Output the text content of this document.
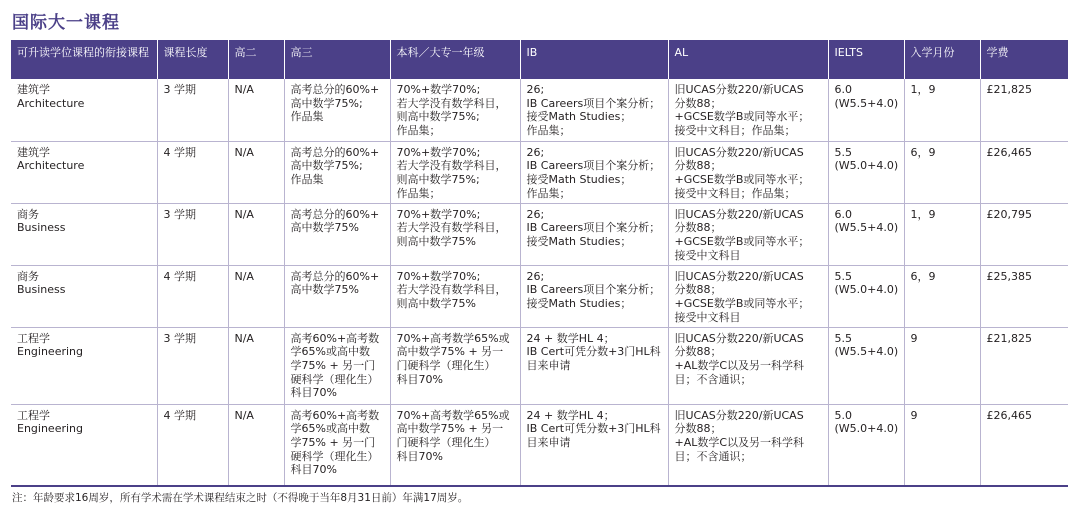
国际大一课程
可升读学位课程的衔接课程	课程长度	高二	高三	本科／大专一年级	IB	AL	IELTS	入学月份	学费
建筑学
Architecture	3 学期	N/A	高考总分的60%+
高中数学75%;
作品集	70%+数学70%;
若大学没有数学科目，
则高中数学75%;
作品集；	26;
IB Careers项目个案分析；
接受Math Studies；
作品集；	旧UCAS分数220/新UCAS
分数88；
+GCSE数学B或同等水平；
接受中文科目；作品集；	6.0
(W5.5+4.0)	1，9	£21,825
建筑学
Architecture	4 学期	N/A	高考总分的60%+
高中数学75%;
作品集	70%+数学70%;
若大学没有数学科目，
则高中数学75%;
作品集；	26;
IB Careers项目个案分析；
接受Math Studies；
作品集；	旧UCAS分数220/新UCAS
分数88；
+GCSE数学B或同等水平；
接受中文科目；作品集；	5.5
(W5.0+4.0)	6，9	£26,465
商务
Business	3 学期	N/A	高考总分的60%+
高中数学75%	70%+数学70%;
若大学没有数学科目，
则高中数学75%	26;
IB Careers项目个案分析；
接受Math Studies；	旧UCAS分数220/新UCAS
分数88；
+GCSE数学B或同等水平；
接受中文科目	6.0
(W5.5+4.0)	1，9	£20,795
商务
Business	4 学期	N/A	高考总分的60%+
高中数学75%	70%+数学70%;
若大学没有数学科目，
则高中数学75%	26;
IB Careers项目个案分析；
接受Math Studies；	旧UCAS分数220/新UCAS
分数88；
+GCSE数学B或同等水平；
接受中文科目	5.5
(W5.0+4.0)	6，9	£25,385
工程学
Engineering	3 学期	N/A	高考60%+高考数
学65%或高中数
学75% + 另一门
硬科学（理化生）
科目70%	70%+高考数学65%或
高中数学75% + 另一
门硬科学（理化生）
科目70%	24 + 数学HL 4；
IB Cert可凭分数+3门HL科
目来申请	旧UCAS分数220/新UCAS
分数88；
+AL数学C以及另一科学科
目；不含通识；	5.5
(W5.5+4.0)	9	£21,825
工程学
Engineering	4 学期	N/A	高考60%+高考数
学65%或高中数
学75% + 另一门
硬科学（理化生）
科目70%	70%+高考数学65%或
高中数学75% + 另一
门硬科学（理化生）
科目70%	24 + 数学HL 4；
IB Cert可凭分数+3门HL科
目来申请	旧UCAS分数220/新UCAS
分数88；
+AL数学C以及另一科学科
目；不含通识；	5.0
(W5.0+4.0)	9	£26,465
注：年龄要求16周岁，所有学术需在学术课程结束之时（不得晚于当年8月31日前）年满17周岁。
